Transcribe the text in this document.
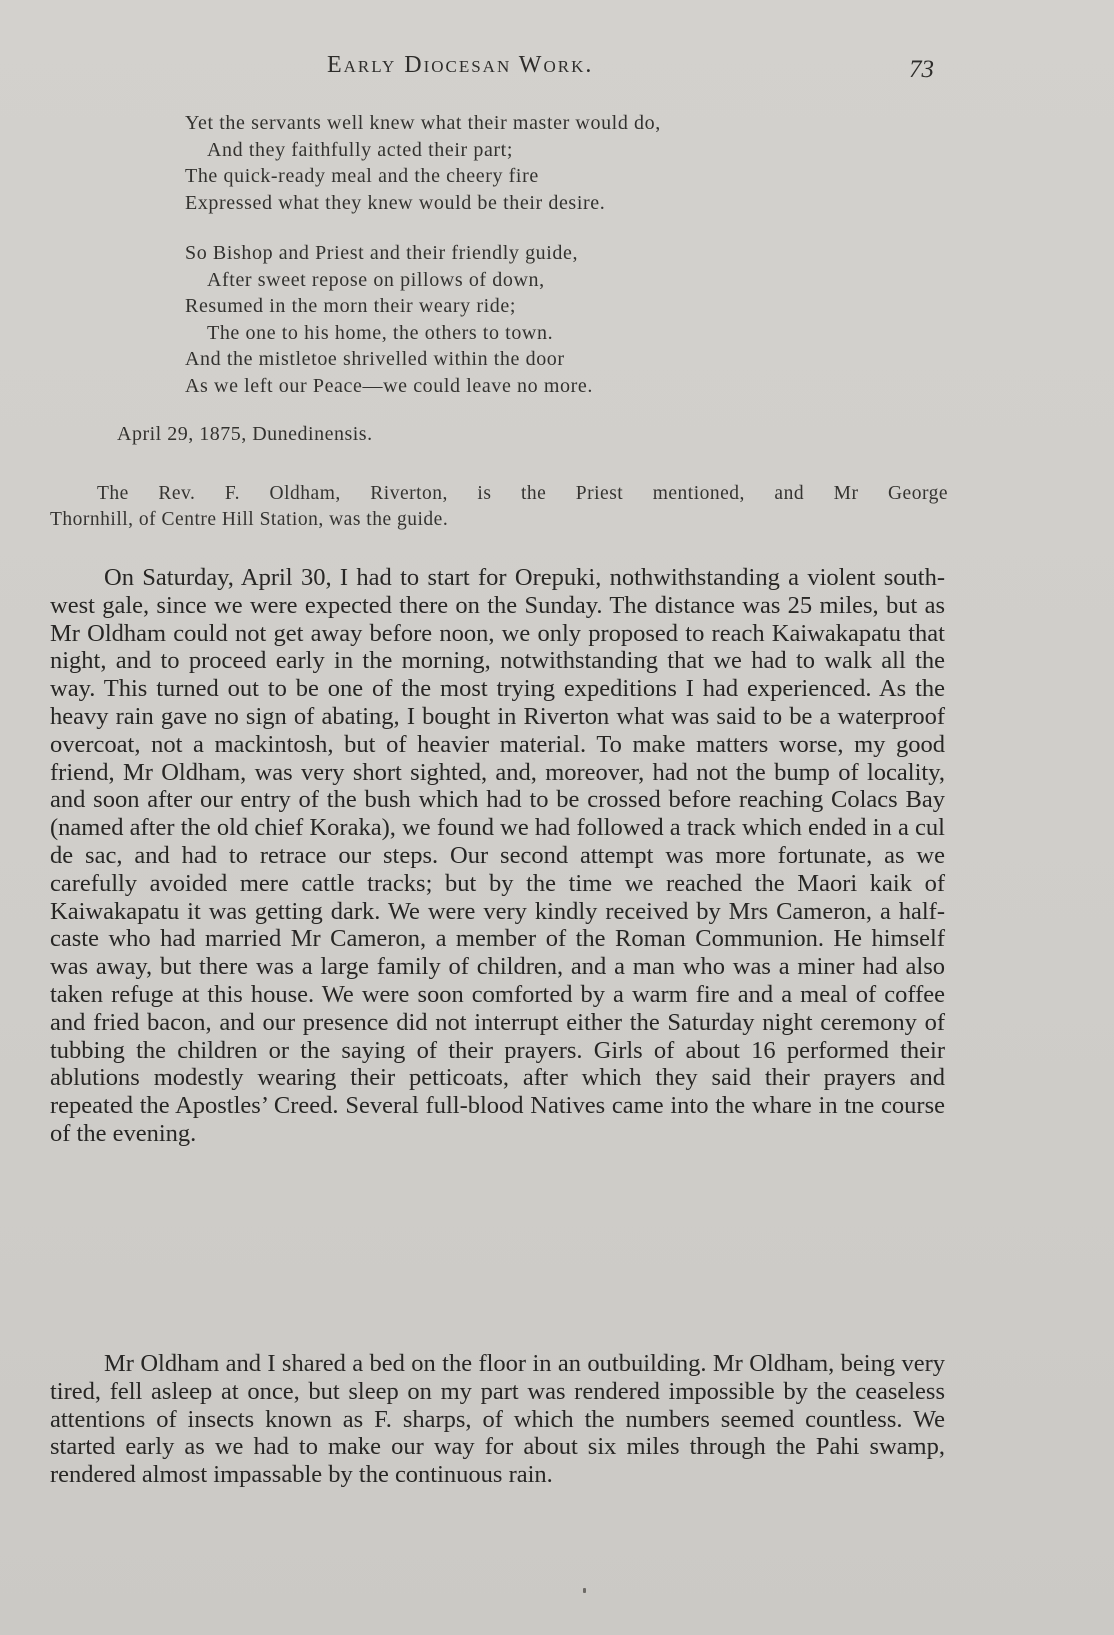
Early Diocesan Work.	73
Yet the servants well knew what their master would do,
And they faithfully acted their part;
The quick-ready meal and the cheery fire
Expressed what they knew would be their desire.
So Bishop and Priest and their friendly guide,
After sweet repose on pillows of down,
Resumed in the morn their weary ride;
The one to his home, the others to town.
And the mistletoe shrivelled within the door
As we left our Peace—we could leave no more.
April 29, 1875, Dunedinensis.
The Rev. F. Oldham, Riverton, is the Priest mentioned, and Mr George
Thornhill, of Centre Hill Station, was the guide.

On Saturday, April 30, I had to start for Orepuki, nothwithstanding a violent south-west gale, since we were expected there on the Sunday. The distance was 25 miles, but as Mr Oldham could not get away before noon, we only proposed to reach Kaiwakapatu that night, and to proceed early in the morning, notwithstanding that we had to walk all the way. This turned out to be one of the most trying expeditions I had experienced. As the heavy rain gave no sign of abating, I bought in Riverton what was said to be a waterproof overcoat, not a mackintosh, but of heavier material. To make matters worse, my good friend, Mr Oldham, was very short sighted, and, moreover, had not the bump of locality, and soon after our entry of the bush which had to be crossed before reaching Colacs Bay (named after the old chief Koraka), we found we had followed a track which ended in a cul de sac, and had to retrace our steps. Our second attempt was more fortunate, as we carefully avoided mere cattle tracks; but by the time we reached the Maori kaik of Kaiwakapatu it was getting dark. We were very kindly received by Mrs Cameron, a half-caste who had married Mr Cameron, a member of the Roman Communion. He himself was away, but there was a large family of children, and a man who was a miner had also taken refuge at this house. We were soon comforted by a warm fire and a meal of coffee and fried bacon, and our presence did not interrupt either the Saturday night ceremony of tubbing the children or the saying of their prayers. Girls of about 16 performed their ablutions modestly wearing their petticoats, after which they said their prayers and repeated the Apostles’ Creed. Several full-blood Natives came into the whare in tne course of the evening.

Mr Oldham and I shared a bed on the floor in an outbuilding. Mr Oldham, being very tired, fell asleep at once, but sleep on my part was rendered impossible by the ceaseless attentions of insects known as F. sharps, of which the numbers seemed countless. We started early as we had to make our way for about six miles through the Pahi swamp, rendered almost impassable by the continuous rain.
